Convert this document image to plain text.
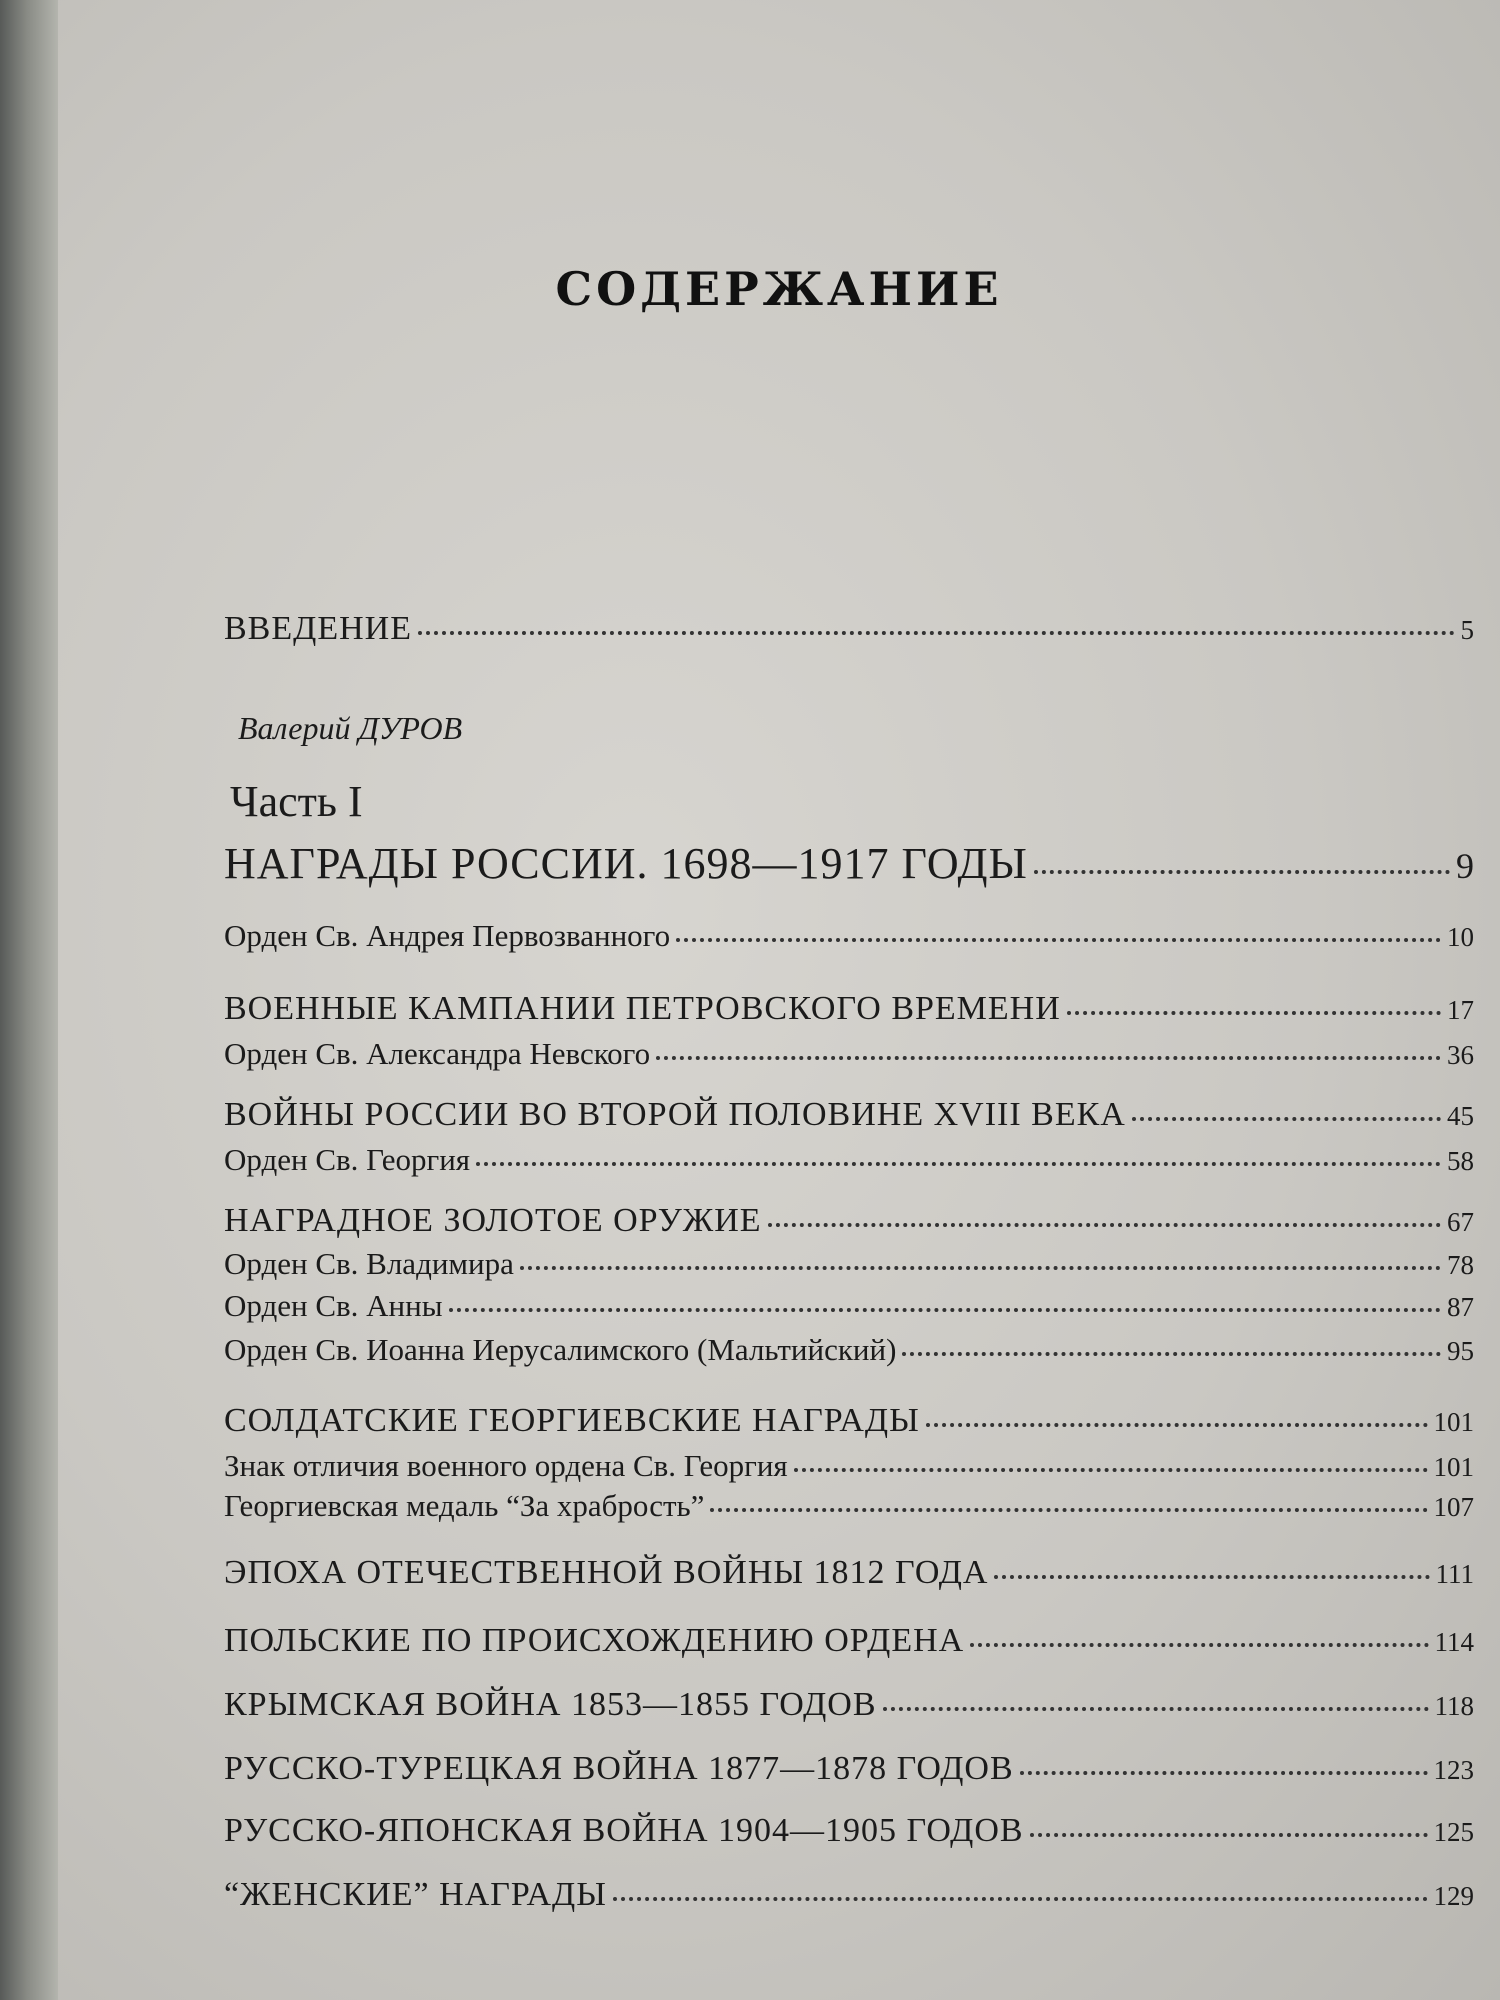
СОДЕРЖАНИЕ
ВВЕДЕНИЕ	5
Валерий ДУРОВ
Часть I
НАГРАДЫ РОССИИ. 1698—1917 ГОДЫ	9
Орден Св. Андрея Первозванного	10
ВОЕННЫЕ КАМПАНИИ ПЕТРОВСКОГО ВРЕМЕНИ	17
Орден Св. Александра Невского	36
ВОЙНЫ РОССИИ ВО ВТОРОЙ ПОЛОВИНЕ XVIII ВЕКА	45
Орден Св. Георгия	58
НАГРАДНОЕ ЗОЛОТОЕ ОРУЖИЕ	67
Орден Св. Владимира	78
Орден Св. Анны	87
Орден Св. Иоанна Иерусалимского (Мальтийский)	95
СОЛДАТСКИЕ ГЕОРГИЕВСКИЕ НАГРАДЫ	101
Знак отличия военного ордена Св. Георгия	101
Георгиевская медаль “За храбрость”	107
ЭПОХА ОТЕЧЕСТВЕННОЙ ВОЙНЫ 1812 ГОДА	111
ПОЛЬСКИЕ ПО ПРОИСХОЖДЕНИЮ ОРДЕНА	114
КРЫМСКАЯ ВОЙНА 1853—1855 ГОДОВ	118
РУССКО-ТУРЕЦКАЯ ВОЙНА 1877—1878 ГОДОВ	123
РУССКО-ЯПОНСКАЯ ВОЙНА 1904—1905 ГОДОВ	125
“ЖЕНСКИЕ” НАГРАДЫ	129
